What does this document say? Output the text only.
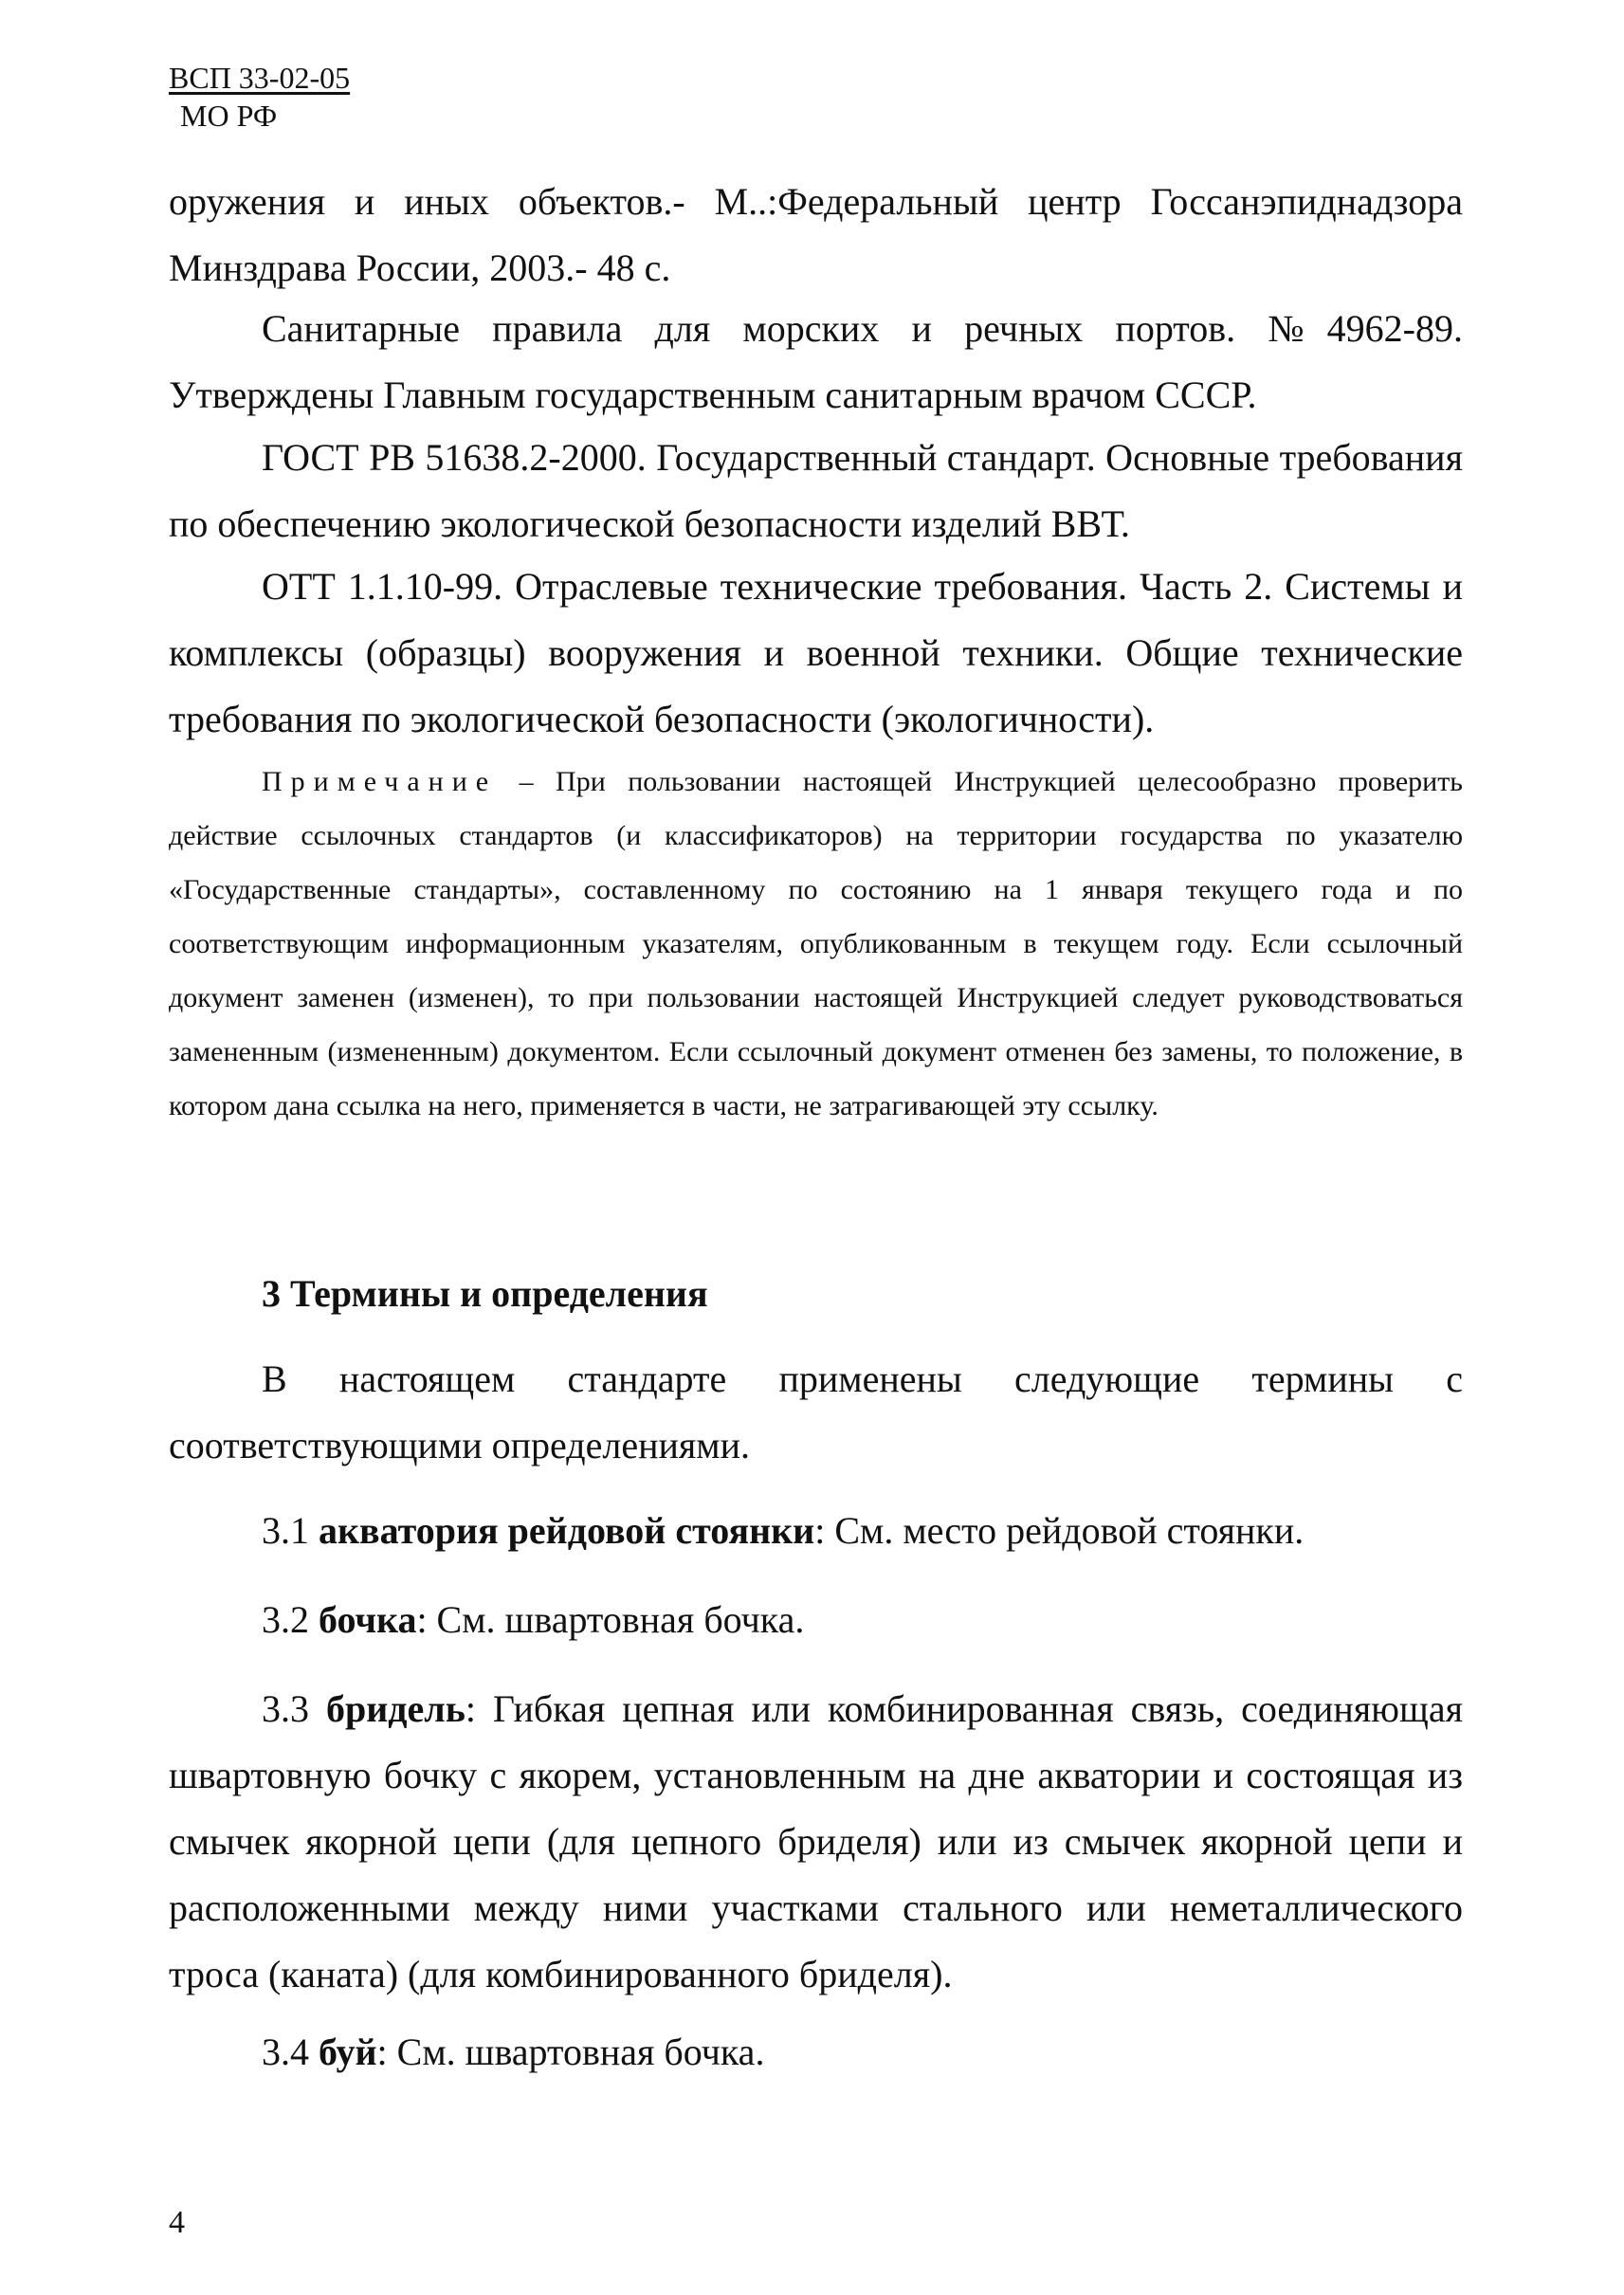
ВСП 33-02-05
МО РФ

оружения и иных объектов.- М..:Федеральный центр Госсанэпиднадзора Минздрава России, 2003.- 48 с.

Санитарные правила для морских и речных портов. №4962-89. Утверждены Главным государственным санитарным врачом СССР.

ГОСТ РВ 51638.2-2000. Государственный стандарт. Основные требования по обеспечению экологической безопасности изделий ВВТ.

ОТТ 1.1.10-99. Отраслевые технические требования. Часть 2. Системы и комплексы (образцы) вооружения и военной техники. Общие технические требования по экологической безопасности (экологичности).

Примечание – При пользовании настоящей Инструкцией целесообразно проверить действие ссылочных стандартов (и классификаторов) на территории государства по указателю «Государственные стандарты», составленному по состоянию на 1 января текущего года и по соответствующим информационным указателям, опубликованным в текущем году. Если ссылочный документ заменен (изменен), то при пользовании настоящей Инструкцией следует руководствоваться замененным (измененным) документом. Если ссылочный документ отменен без замены, то положение, в котором дана ссылка на него, применяется в части, не затрагивающей эту ссылку.
3 Термины и определения

В настоящем стандарте применены следующие термины с соответствующими определениями.

3.1 акватория рейдовой стоянки: См. место рейдовой стоянки.

3.2 бочка: См. швартовная бочка.

3.3 бридель: Гибкая цепная или комбинированная связь, соединяющая швартовную бочку с якорем, установленным на дне акватории и состоящая из смычек якорной цепи (для цепного бриделя) или из смычек якорной цепи и расположенными между ними участками стального или неметаллического троса (каната) (для комбинированного бриделя).

3.4 буй: См. швартовная бочка.

4
